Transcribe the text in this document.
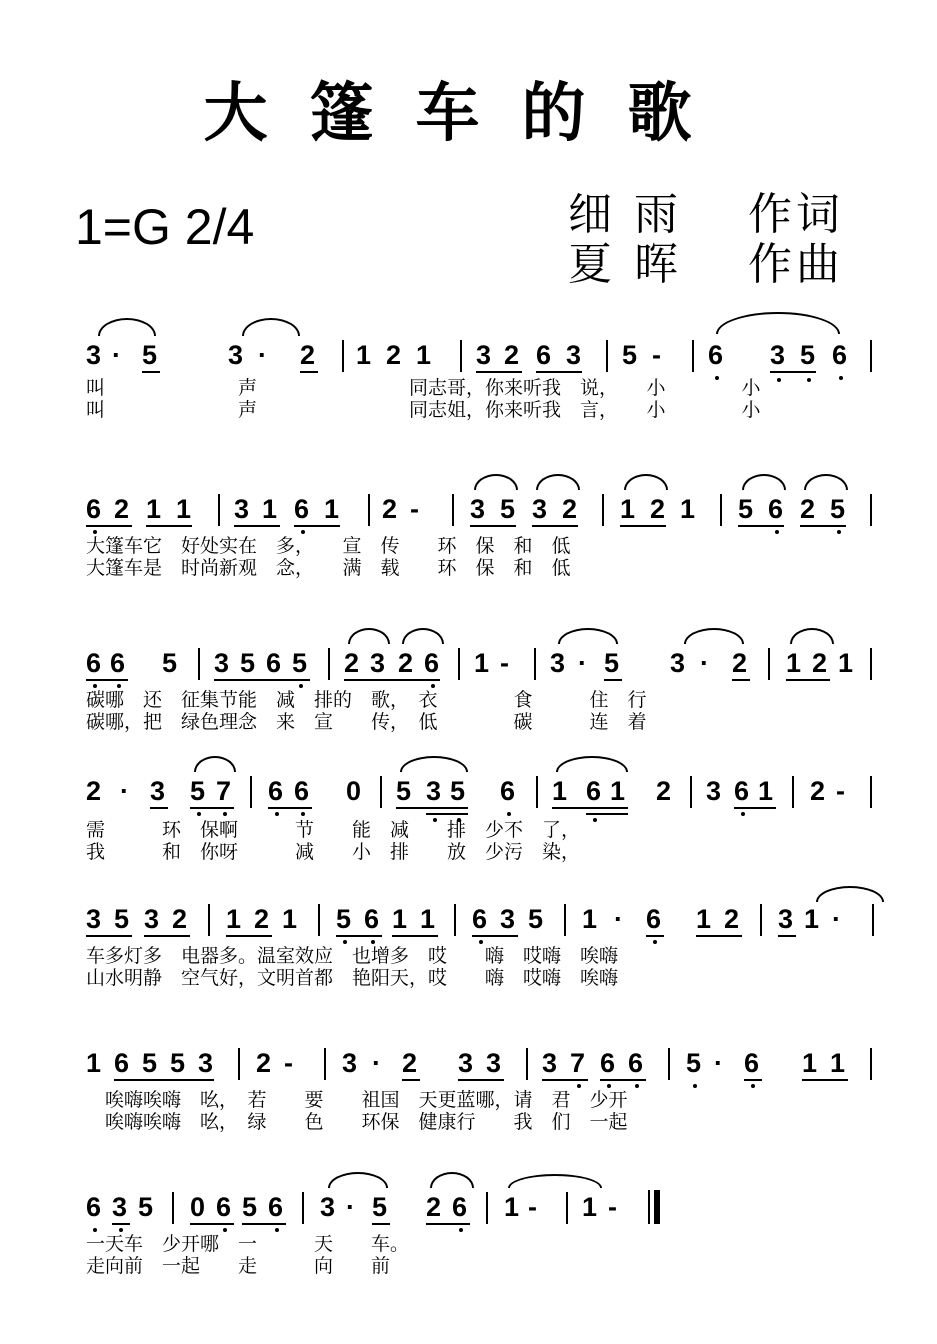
大篷车的歌
1=G 2/4	细 雨　 作词
夏 晖　 作曲
3 · 5	3 · 2 1 2 1 3 2 6 3 5 - 6 3 5 6
叫　　　　　　　声　　　　　　　　同志哥，你来听我　说，　　小　　　　小
叫　　　　　　　声　　　　　　　　同志姐，你来听我　言，　　小　　　　小
6 2 1 1 3 1 6 1 2 - 3 5 3 2 1 2 1 5 6 2 5
大篷车它　好处实在　多，　　宣　传　　环　保　和　低
大篷车是　时尚新观　念，　　满　载　　环　保　和　低
6 6 5 3 5 6 5 2 3 2 6 1 - 3 · 5 3 · 2 1 2 1
碳哪　还　征集节能　减　排的　歌，　衣　　　　食　　　住　行
碳哪，把　绿色理念　来　宣　　传，　低　　　　碳　　　连　着
2 · 3 5 7 6 6 0 5 3 5 6 1 6 1 2 3 6 1 2 -
需　　　环　保啊　　　节　　能　减　　排　少不　了，
我　　　和　你呀　　　减　　小　排　　放　少污　染，
3 5 3 2 1 2 1 5 6 1 1 6 3 5 1 · 6 1 2 3 1 ·
车多灯多　电器多。温室效应　也增多　哎　　嗨　哎嗨　唉嗨
山水明静　空气好，文明首都　艳阳天，哎　　嗨　哎嗨　唉嗨
1 6 5 5 3 2 - 3 · 2 3 3 3 7 6 6 5 · 6 1 1
　唉嗨唉嗨　吆，　若　　要　　祖国　天更蓝哪，请　君　少开
　唉嗨唉嗨　吆，　绿　　色　　环保　健康行　　我　们　一起
6 3 5 0 6 5 6 3 · 5 2 6 1 - 1 -
一天车　少开哪　一　　　天　　车。
走向前　一起　　走　　　向　　前
